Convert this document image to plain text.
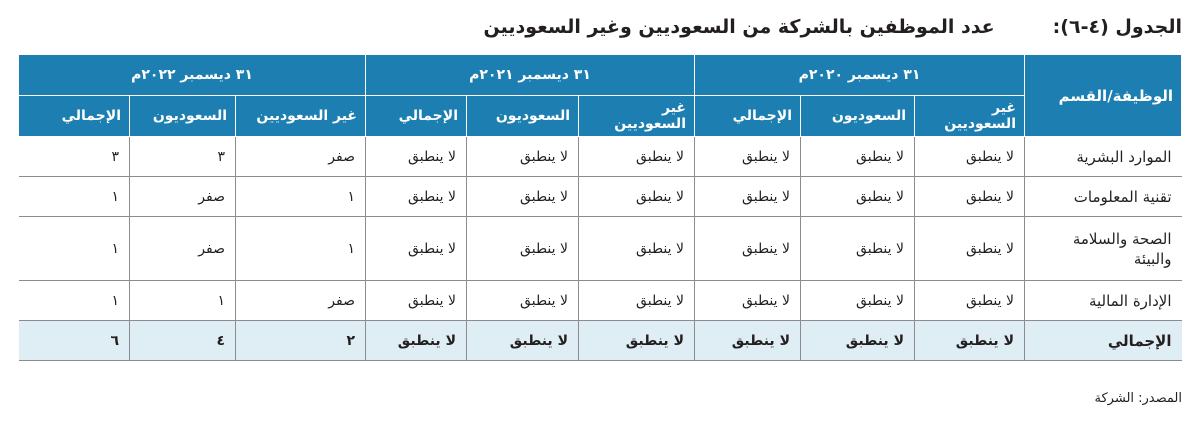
الجدول (٤-٦):
عدد الموظفين بالشركة من السعوديين وغير السعوديين
الوظيفة/القسم	٣١ ديسمبر ٢٠٢٠م			٣١ ديسمبر ٢٠٢١م			٣١ ديسمبر ٢٠٢٢م		
	غير السعوديين	السعوديون	الإجمالي	غير السعوديين	السعوديون	الإجمالي	غير السعوديين	السعوديون	الإجمالي
الموارد البشرية	لا ينطبق	لا ينطبق	لا ينطبق	لا ينطبق	لا ينطبق	لا ينطبق	صفر	٣	٣
تقنية المعلومات	لا ينطبق	لا ينطبق	لا ينطبق	لا ينطبق	لا ينطبق	لا ينطبق	١	صفر	١
الصحة والسلامة والبيئة	لا ينطبق	لا ينطبق	لا ينطبق	لا ينطبق	لا ينطبق	لا ينطبق	١	صفر	١
الإدارة المالية	لا ينطبق	لا ينطبق	لا ينطبق	لا ينطبق	لا ينطبق	لا ينطبق	صفر	١	١
الإجمالي	لا ينطبق	لا ينطبق	لا ينطبق	لا ينطبق	لا ينطبق	لا ينطبق	٢	٤	٦
المصدر: الشركة
